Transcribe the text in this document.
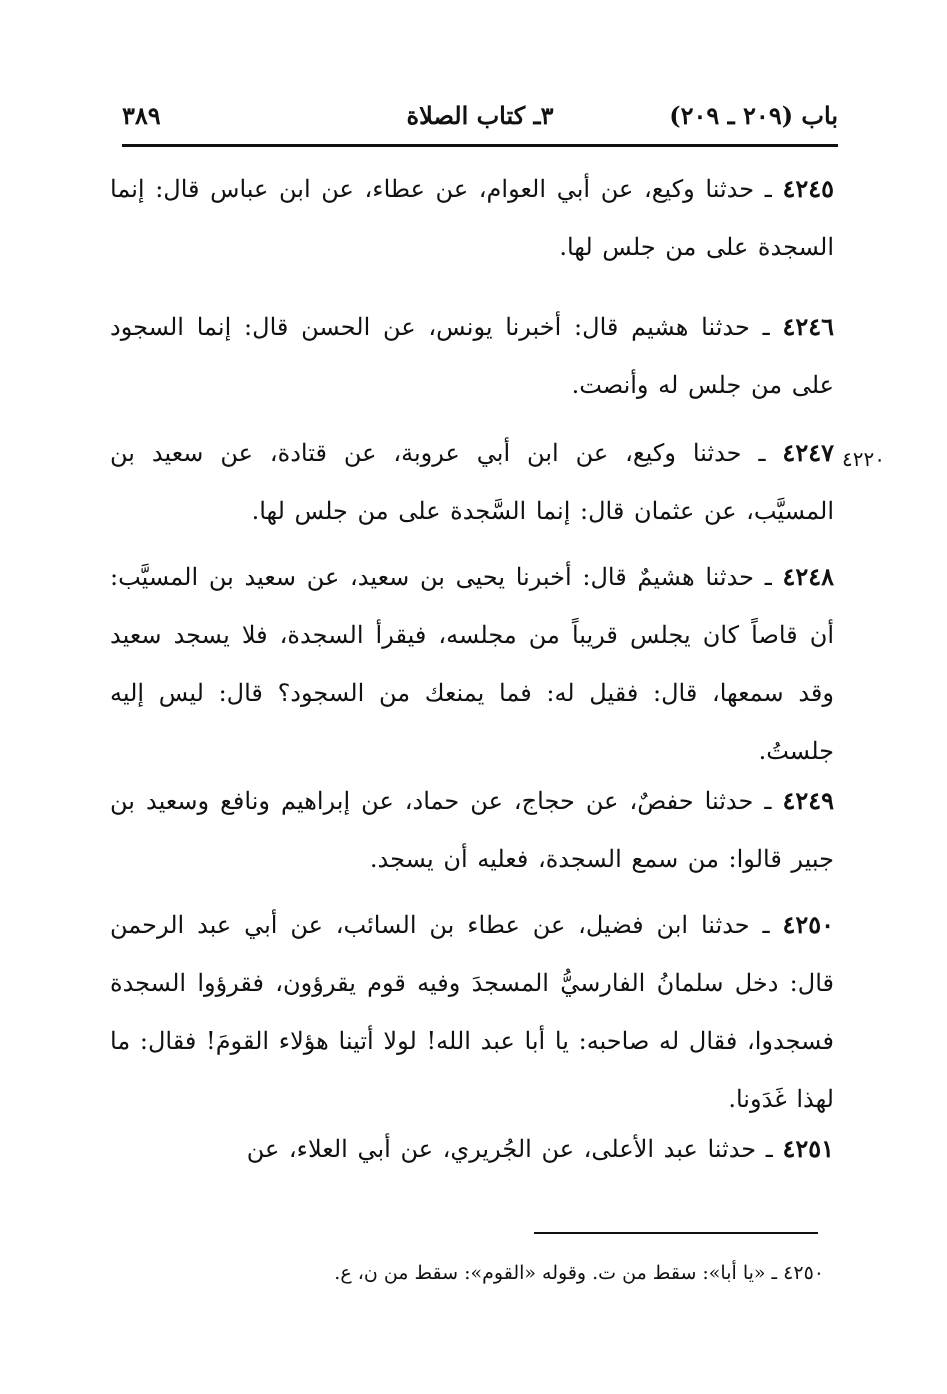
باب (٢٠٩ ـ ٢٠٩)
٣ـ كتاب الصلاة
٣٨٩

٤٢٤٥ ـ حدثنا وكيع، عن أبي العوام، عن عطاء، عن ابن عباس قال: إنما السجدة على من جلس لها.

٤٢٤٦ ـ حدثنا هشيم قال: أخبرنا يونس، عن الحسن قال: إنما السجود على من جلس له وأنصت.

٤٢٢٠

٤٢٤٧ ـ حدثنا وكيع، عن ابن أبي عروبة، عن قتادة، عن سعيد بن المسيَّب، عن عثمان قال: إنما السَّجدة على من جلس لها.

٤٢٤٨ ـ حدثنا هشيمٌ قال: أخبرنا يحيى بن سعيد، عن سعيد بن المسيَّب: أن قاصاً كان يجلس قريباً من مجلسه، فيقرأ السجدة، فلا يسجد سعيد وقد سمعها، قال: فقيل له: فما يمنعك من السجود؟ قال: ليس إليه جلستُ.

٤٢٤٩ ـ حدثنا حفصٌ، عن حجاج، عن حماد، عن إبراهيم ونافع وسعيد بن جبير قالوا: من سمع السجدة، فعليه أن يسجد.

٤٢٥٠ ـ حدثنا ابن فضيل، عن عطاء بن السائب، عن أبي عبد الرحمن قال: دخل سلمانُ الفارسيُّ المسجدَ وفيه قوم يقرؤون، فقرؤوا السجدة فسجدوا، فقال له صاحبه: يا أبا عبد الله! لولا أتينا هؤلاء القومَ! فقال: ما لهذا غَدَونا.

٤٢٥١ ـ حدثنا عبد الأعلى، عن الجُريري، عن أبي العلاء، عن

٤٢٥٠ ـ «يا أبا»: سقط من ت. وقوله «القوم»: سقط من ن، ع.
